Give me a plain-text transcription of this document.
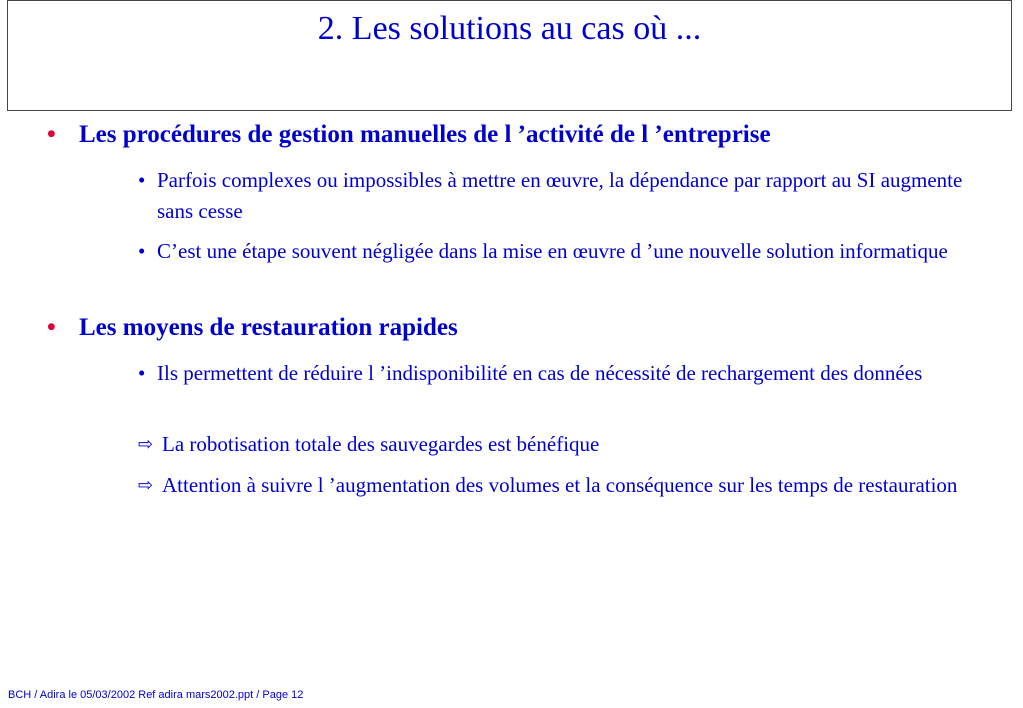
2. Les solutions au cas où ...
• Les procédures de gestion manuelles de l ’activité de l ’entreprise
• Parfois complexes ou impossibles à mettre en œuvre, la dépendance par rapport au SI augmente sans cesse
• C’est une étape souvent négligée dans la mise en œuvre d ’une nouvelle solution informatique
• Les moyens de restauration rapides
• Ils permettent de réduire l ’indisponibilité en cas de nécessité de rechargement des données
⇨ La robotisation totale des sauvegardes est bénéfique
⇨ Attention à suivre l ’augmentation des volumes et la conséquence sur les temps de restauration
BCH / Adira le 05/03/2002 Ref adira mars2002.ppt / Page 12
